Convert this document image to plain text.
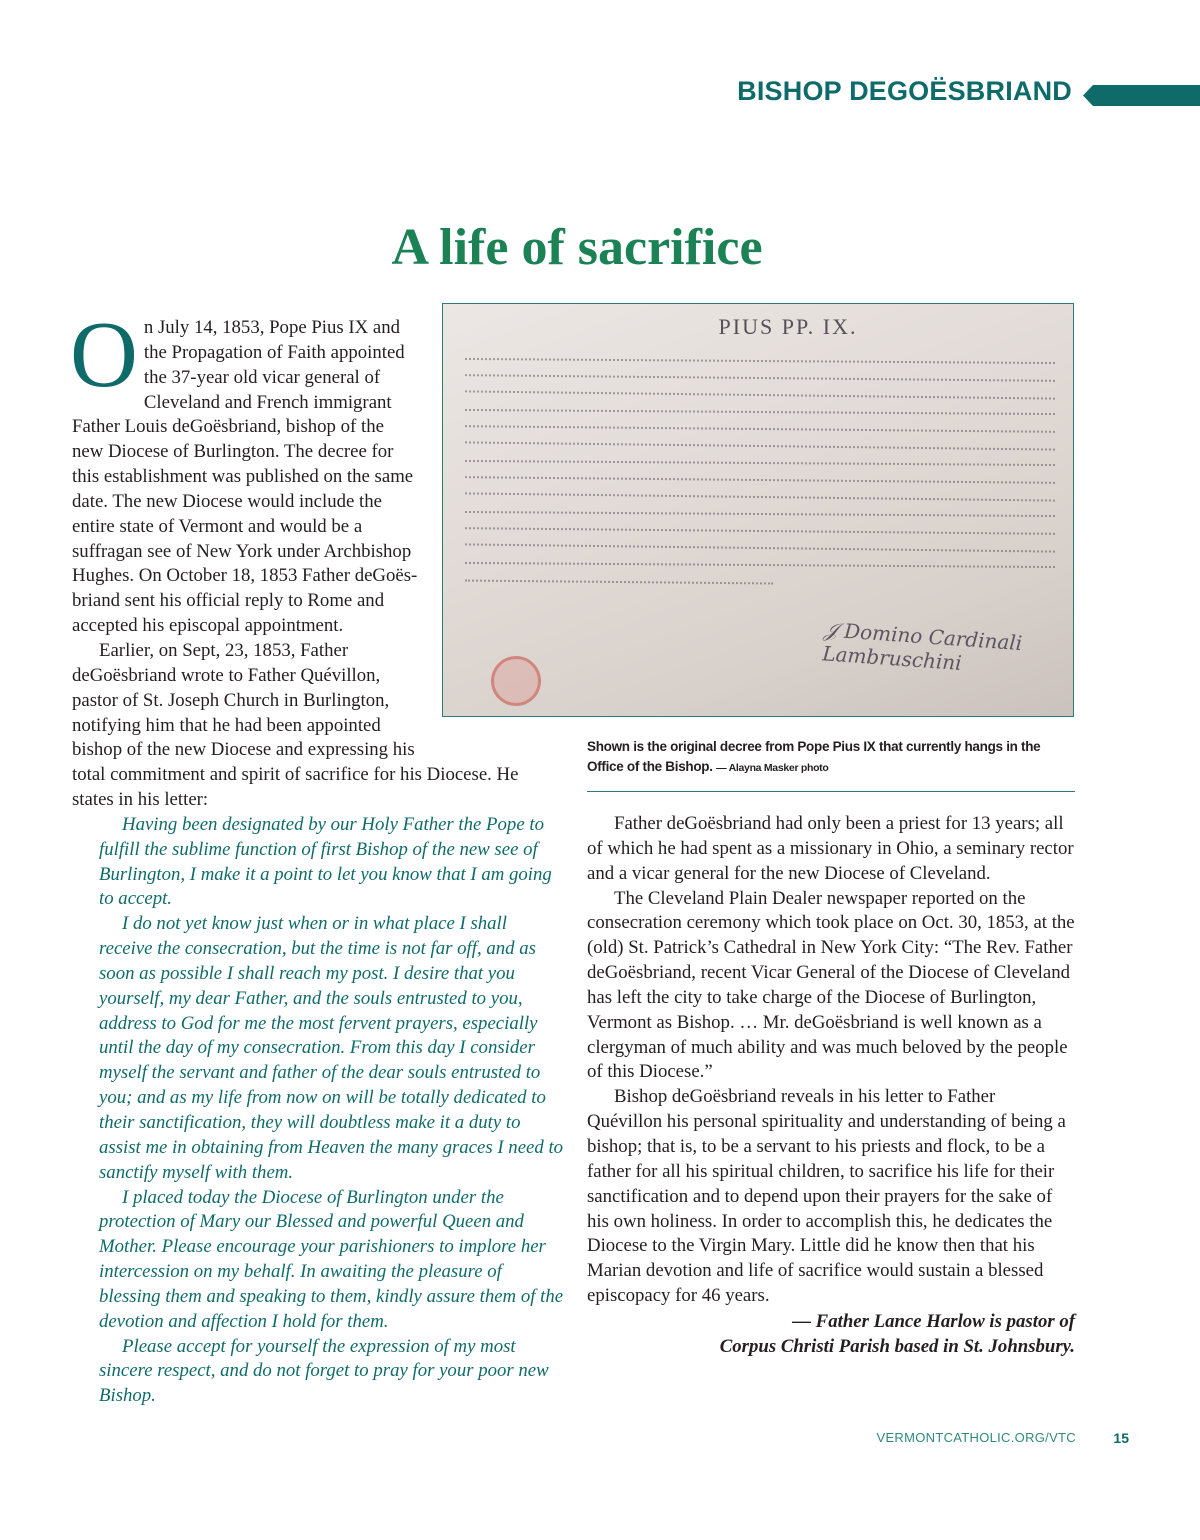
BISHOP DEGOËSBRIAND
A life of sacrifice
PIUS PP. IX.
𝒥 Domino Cardinali Lambruschini
Shown is the original decree from Pope Pius IX that currently hangs in the Office of the Bishop. — Alayna Masker photo

On July 14, 1853, Pope Pius IX and the Propagation of Faith appointed the 37-year old vicar general of Cleveland and French immigrant Father Louis deGoësbriand, bishop of the new Diocese of Burlington. The decree for this establishment was published on the same date. The new Diocese would include the entire state of Vermont and would be a suffragan see of New York under Archbishop Hughes. On October 18, 1853 Father deGoësbriand sent his official reply to Rome and accepted his episcopal appointment.

Earlier, on Sept, 23, 1853, Father deGoësbriand wrote to Father Quévillon, pastor of St. Joseph Church in Burlington, notifying him that he had been appointed bishop of the new Diocese and expressing his total commitment and spirit of sacrifice for his Diocese. He states in his letter:

Having been designated by our Holy Father the Pope to fulfill the sublime function of first Bishop of the new see of Burlington, I make it a point to let you know that I am going to accept.

I do not yet know just when or in what place I shall receive the consecration, but the time is not far off, and as soon as possible I shall reach my post. I desire that you yourself, my dear Father, and the souls entrusted to you, address to God for me the most fervent prayers, especially until the day of my consecration. From this day I consider myself the servant and father of the dear souls entrusted to you; and as my life from now on will be totally dedicated to their sanctification, they will doubtless make it a duty to assist me in obtaining from Heaven the many graces I need to sanctify myself with them.

I placed today the Diocese of Burlington under the protection of Mary our Blessed and powerful Queen and Mother. Please encourage your parishioners to implore her intercession on my behalf. In awaiting the pleasure of blessing them and speaking to them, kindly assure them of the devotion and affection I hold for them.

Please accept for yourself the expression of my most sincere respect, and do not forget to pray for your poor new Bishop.

Father deGoësbriand had only been a priest for 13 years; all of which he had spent as a missionary in Ohio, a seminary rector and a vicar general for the new Diocese of Cleveland.

The Cleveland Plain Dealer newspaper reported on the consecration ceremony which took place on Oct. 30, 1853, at the (old) St. Patrick’s Cathedral in New York City: “The Rev. Father deGoësbriand, recent Vicar General of the Diocese of Cleveland has left the city to take charge of the Diocese of Burlington, Vermont as Bishop. … Mr. deGoësbriand is well known as a clergyman of much ability and was much beloved by the people of this Diocese.”

Bishop deGoësbriand reveals in his letter to Father Quévillon his personal spirituality and understanding of being a bishop; that is, to be a servant to his priests and flock, to be a father for all his spiritual children, to sacrifice his life for their sanctification and to depend upon their prayers for the sake of his own holiness. In order to accomplish this, he dedicates the Diocese to the Virgin Mary. Little did he know then that his Marian devotion and life of sacrifice would sustain a blessed episcopacy for 46 years.

— Father Lance Harlow is pastor of
Corpus Christi Parish based in St. Johnsbury.
VERMONTCATHOLIC.ORG/VTC	15
